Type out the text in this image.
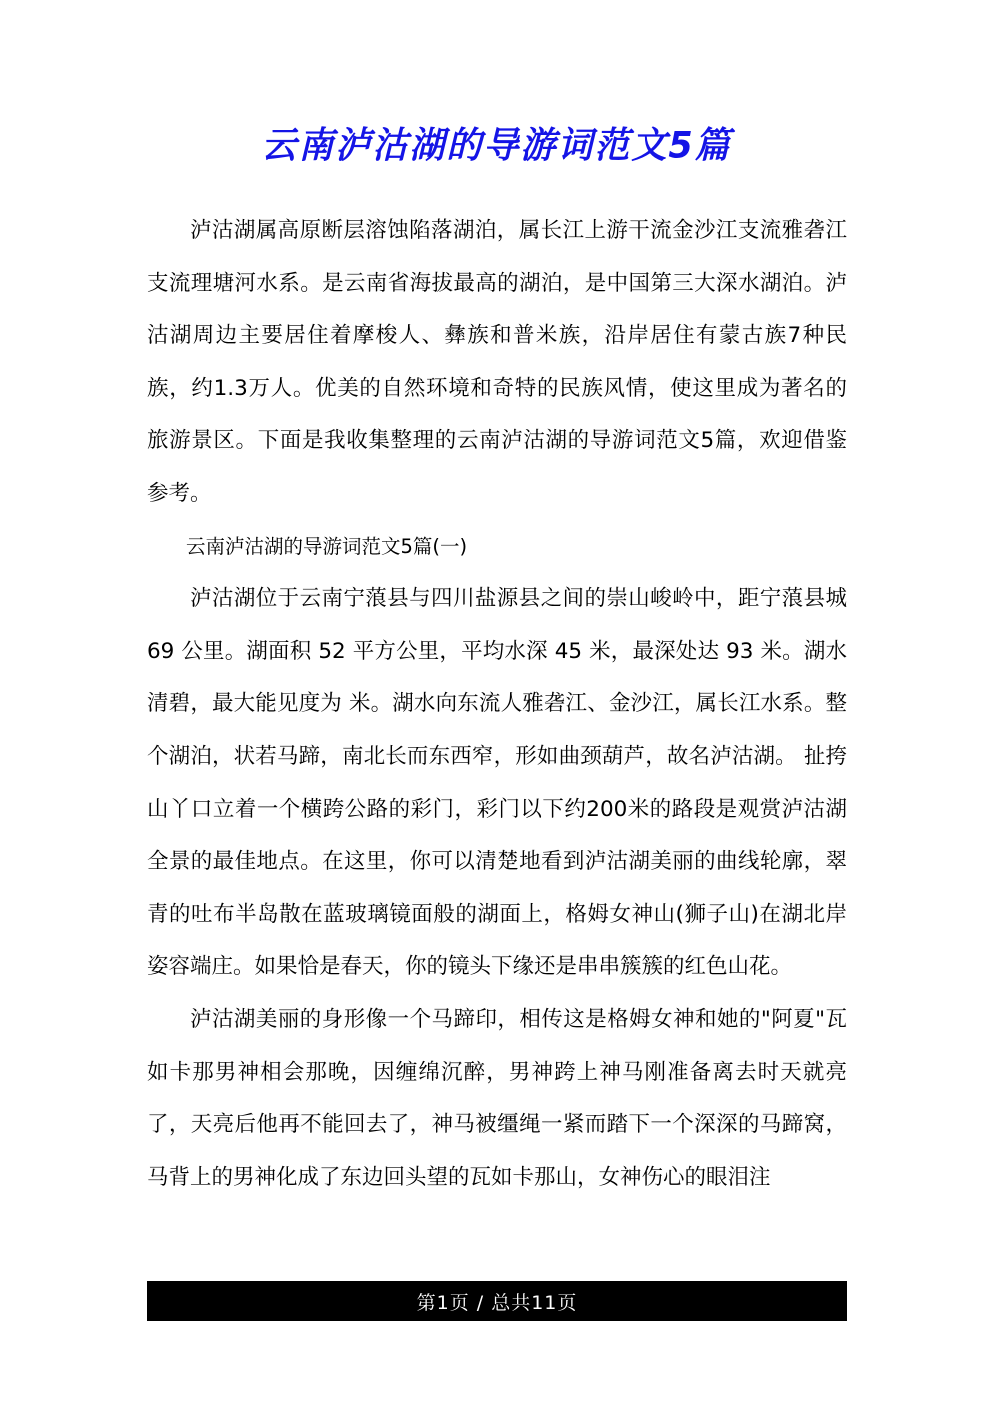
云南泸沽湖的导游词范文5篇

泸沽湖属高原断层溶蚀陷落湖泊，属长江上游干流金沙江支流雅砻江支流理塘河水系。是云南省海拔最高的湖泊，是中国第三大深水湖泊。泸沽湖周边主要居住着摩梭人、彝族和普米族，沿岸居住有蒙古族7种民族，约1.3万人。优美的自然环境和奇特的民族风情，使这里成为著名的旅游景区。下面是我收集整理的云南泸沽湖的导游词范文5篇，欢迎借鉴参考。

云南泸沽湖的导游词范文5篇(一)

泸沽湖位于云南宁蒗县与四川盐源县之间的崇山峻岭中，距宁蒗县城 69 公里。湖面积 52 平方公里，平均水深 45 米，最深处达 93 米。湖水清碧，最大能见度为 米。湖水向东流人雅砻江、金沙江，属长江水系。整个湖泊，状若马蹄，南北长而东西窄，形如曲颈葫芦，故名泸沽湖。 扯挎山丫口立着一个横跨公路的彩门，彩门以下约200米的路段是观赏泸沽湖全景的最佳地点。在这里，你可以清楚地看到泸沽湖美丽的曲线轮廓，翠青的吐布半岛散在蓝玻璃镜面般的湖面上，格姆女神山(狮子山)在湖北岸姿容端庄。如果恰是春天，你的镜头下缘还是串串簇簇的红色山花。

泸沽湖美丽的身形像一个马蹄印，相传这是格姆女神和她的"阿夏"瓦如卡那男神相会那晚，因缠绵沉醉，男神跨上神马刚准备离去时天就亮了，天亮后他再不能回去了，神马被缰绳一紧而踏下一个深深的马蹄窝，马背上的男神化成了东边回头望的瓦如卡那山，女神伤心的眼泪注

第1页 / 总共11页
